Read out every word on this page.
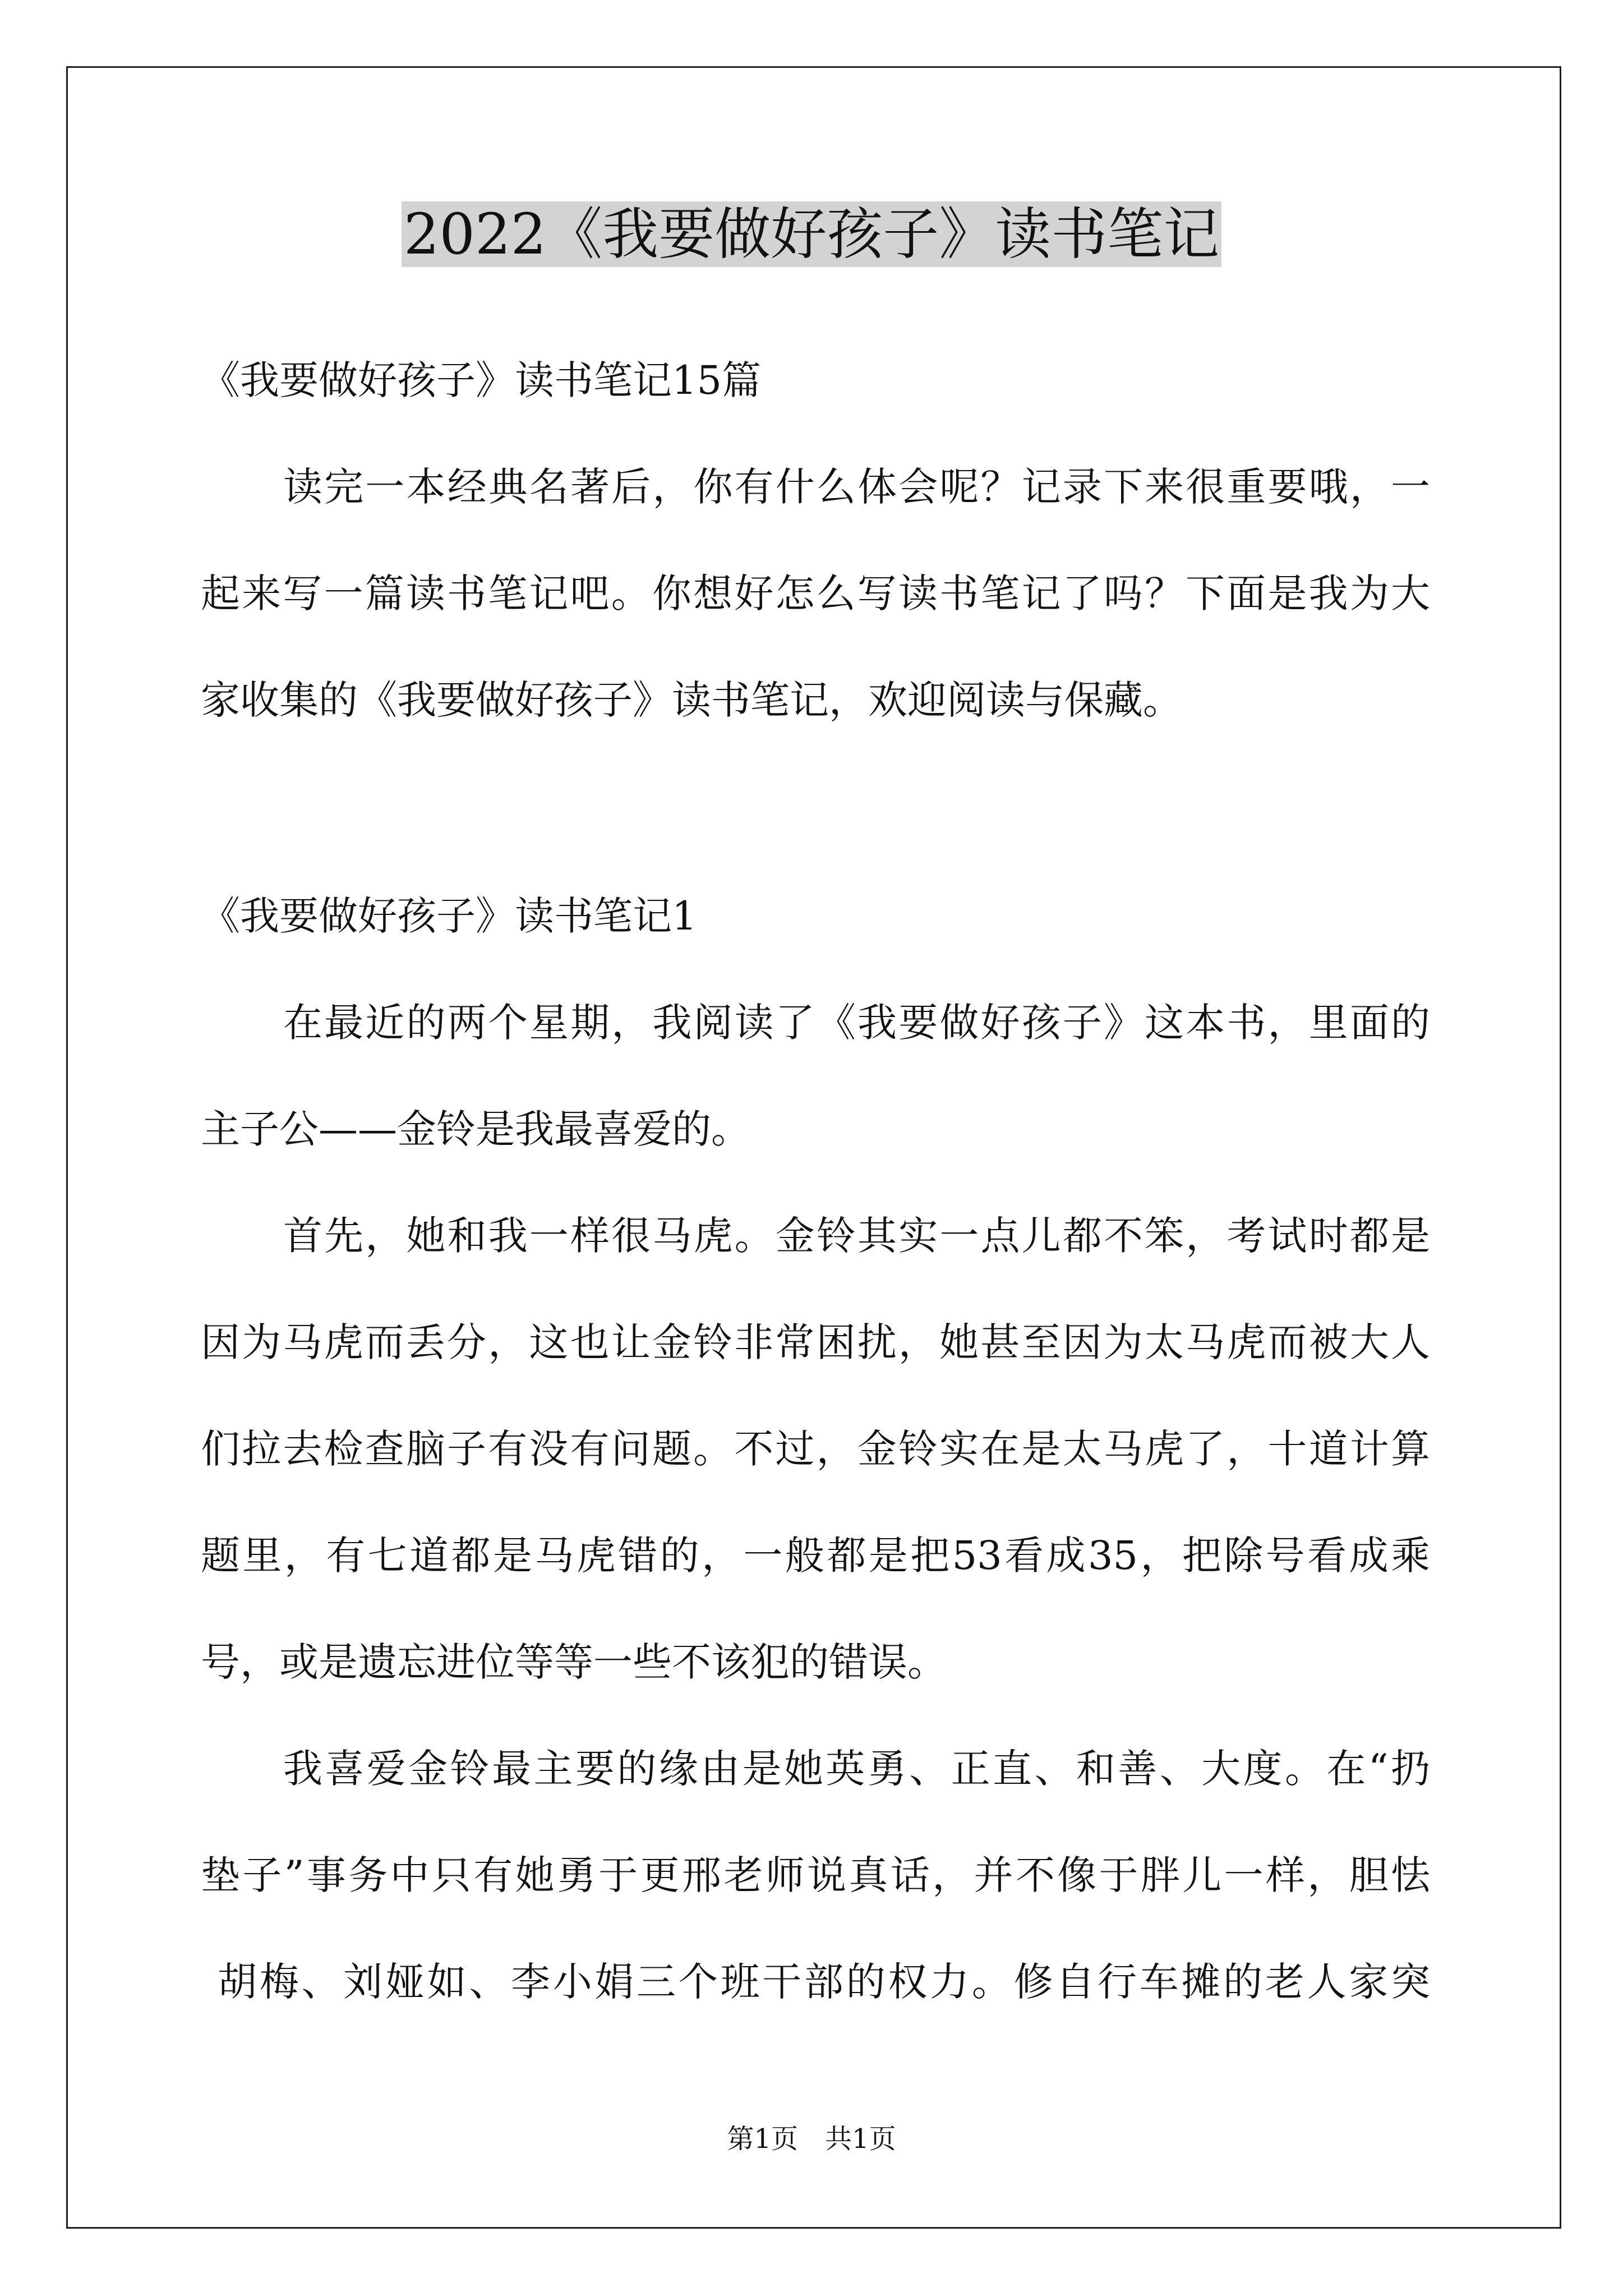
2022《我要做好孩子》读书笔记
《我要做好孩子》读书笔记15篇
读完一本经典名著后，你有什么体会呢？记录下来很重要哦，一
起来写一篇读书笔记吧。你想好怎么写读书笔记了吗？下面是我为大
家收集的《我要做好孩子》读书笔记，欢迎阅读与保藏。
《我要做好孩子》读书笔记1
在最近的两个星期，我阅读了《我要做好孩子》这本书，里面的
主子公——金铃是我最喜爱的。
首先，她和我一样很马虎。金铃其实一点儿都不笨，考试时都是
因为马虎而丢分，这也让金铃非常困扰，她甚至因为太马虎而被大人
们拉去检查脑子有没有问题。不过，金铃实在是太马虎了，十道计算
题里，有七道都是马虎错的，一般都是把53看成35，把除号看成乘
号，或是遗忘进位等等一些不该犯的错误。
我喜爱金铃最主要的缘由是她英勇、正直、和善、大度。在“扔
垫子”事务中只有她勇于更邢老师说真话，并不像于胖儿一样，胆怯
胡梅、刘娅如、李小娟三个班干部的权力。修自行车摊的老人家突
第1页　共1页
